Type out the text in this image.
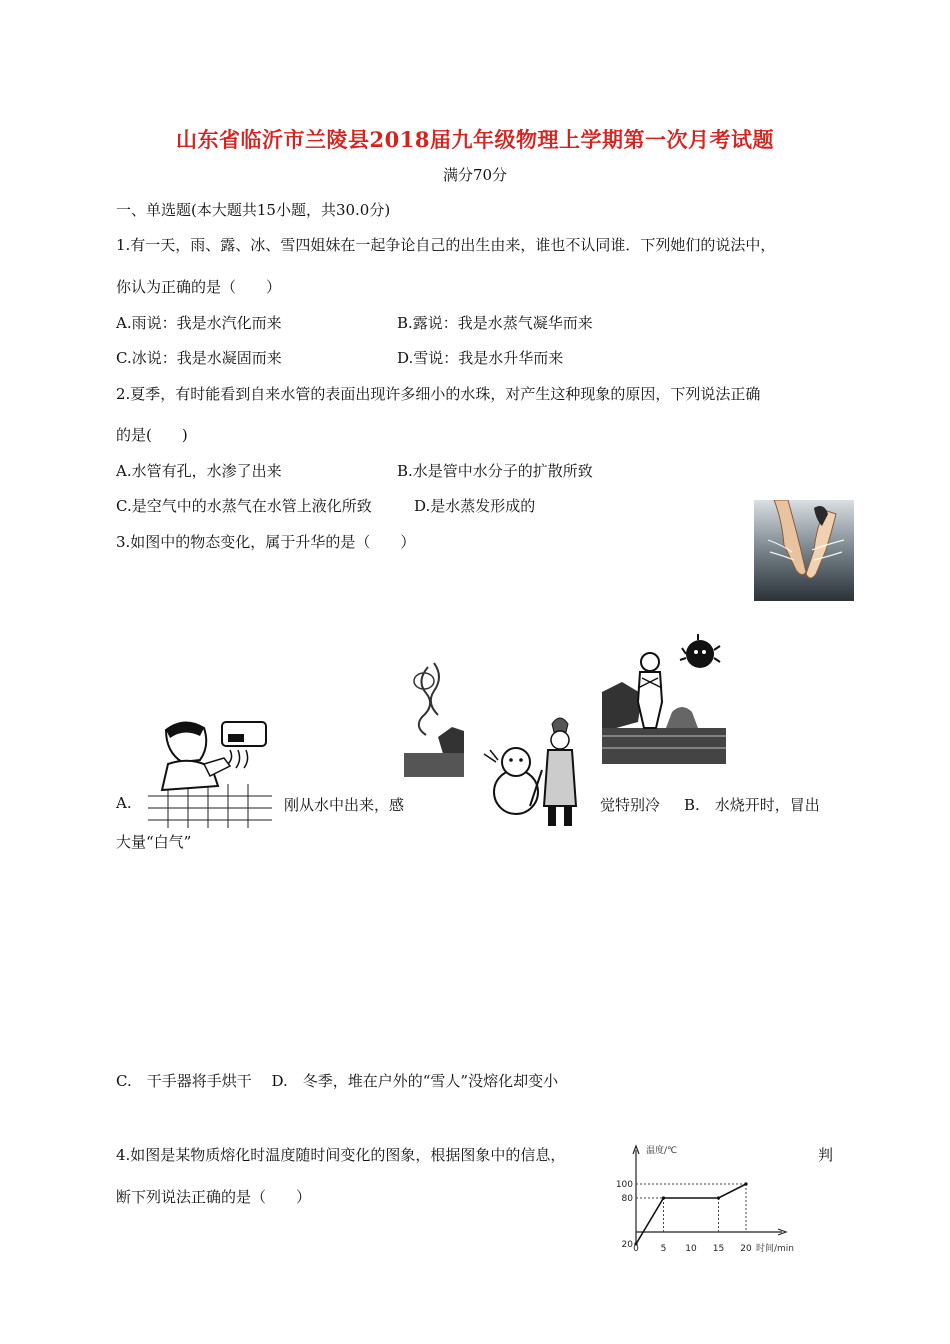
山东省临沂市兰陵县2018届九年级物理上学期第一次月考试题
满分70分
一、单选题(本大题共15小题，共30.0分)
1.有一天，雨、露、冰、雪四姐妹在一起争论自己的出生由来，谁也不认同谁．下列她们的说法中，
你认为正确的是（　　）
A.雨说：我是水汽化而来	B.露说：我是水蒸气凝华而来
C.冰说：我是水凝固而来	D.雪说：我是水升华而来
2.夏季，有时能看到自来水管的表面出现许多细小的水珠，对产生这种现象的原因，下列说法正确
的是(　　)
A.水管有孔，水渗了出来	B.水是管中水分子的扩散所致
C.是空气中的水蒸气在水管上液化所致	D.是水蒸发形成的
3.如图中的物态变化，属于升华的是（　　）
A.	刚从水中出来，感	觉特别冷 B.　水烧开时，冒出
大量“白气”
C.　干手器将手烘干　 D.　冬季，堆在户外的“雪人”没熔化却变小
4.如图是某物质熔化时温度随时间变化的图象，根据图象中的信息，	判
断下列说法正确的是（　　）
温度/℃
时间/min
20
80
100
0 5 10 15 20
